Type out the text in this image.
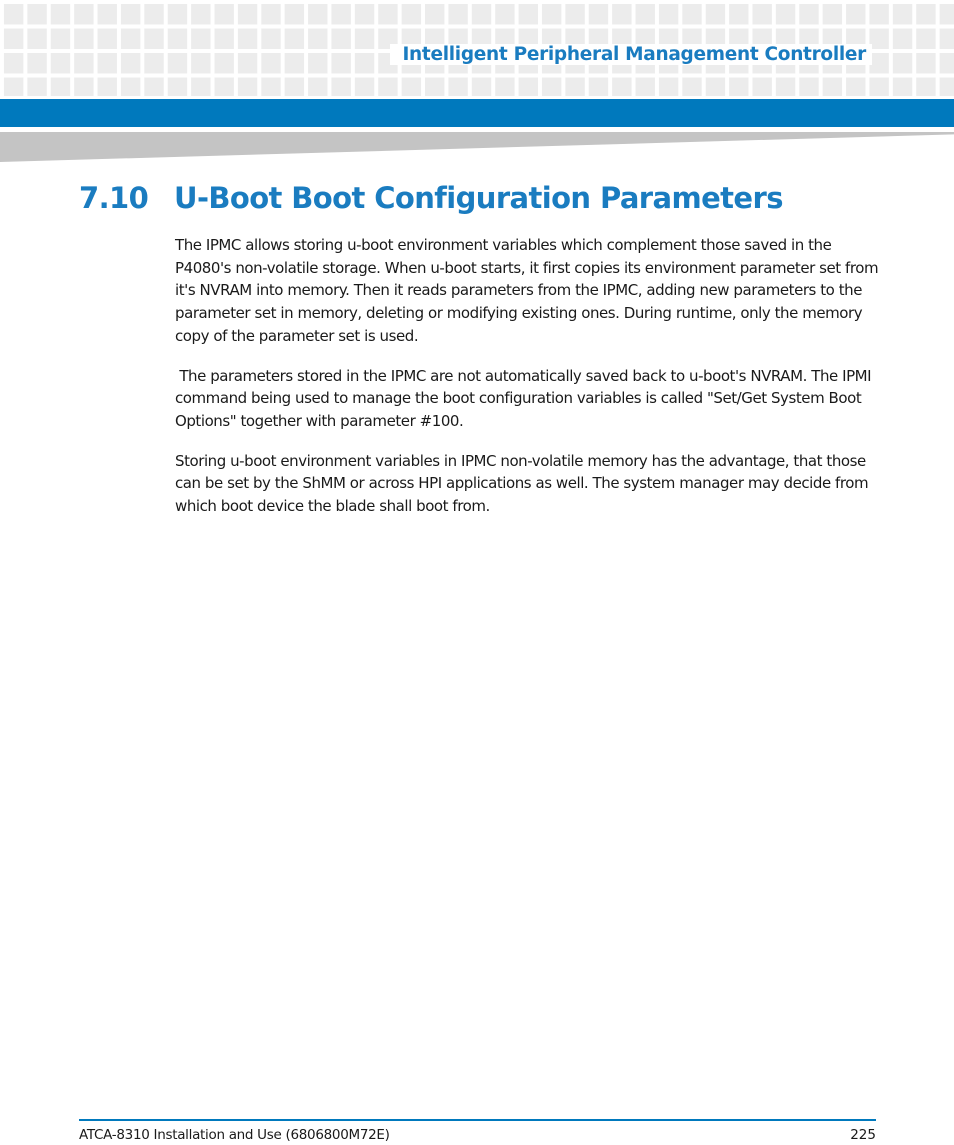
Intelligent Peripheral Management Controller
7.10 U-Boot Boot Configuration Parameters

The IPMC allows storing u-boot environment variables which complement those saved in the P4080's non-volatile storage. When u-boot starts, it first copies its environment parameter set from it's NVRAM into memory. Then it reads parameters from the IPMC, adding new parameters to the parameter set in memory, deleting or modifying existing ones. During runtime, only the memory copy of the parameter set is used.

The parameters stored in the IPMC are not automatically saved back to u-boot's NVRAM. The IPMI command being used to manage the boot configuration variables is called "Set/Get System Boot Options" together with parameter #100.

Storing u-boot environment variables in IPMC non-volatile memory has the advantage, that those can be set by the ShMM or across HPI applications as well. The system manager may decide from which boot device the blade shall boot from.

ATCA-8310 Installation and Use (6806800M72E)	225
